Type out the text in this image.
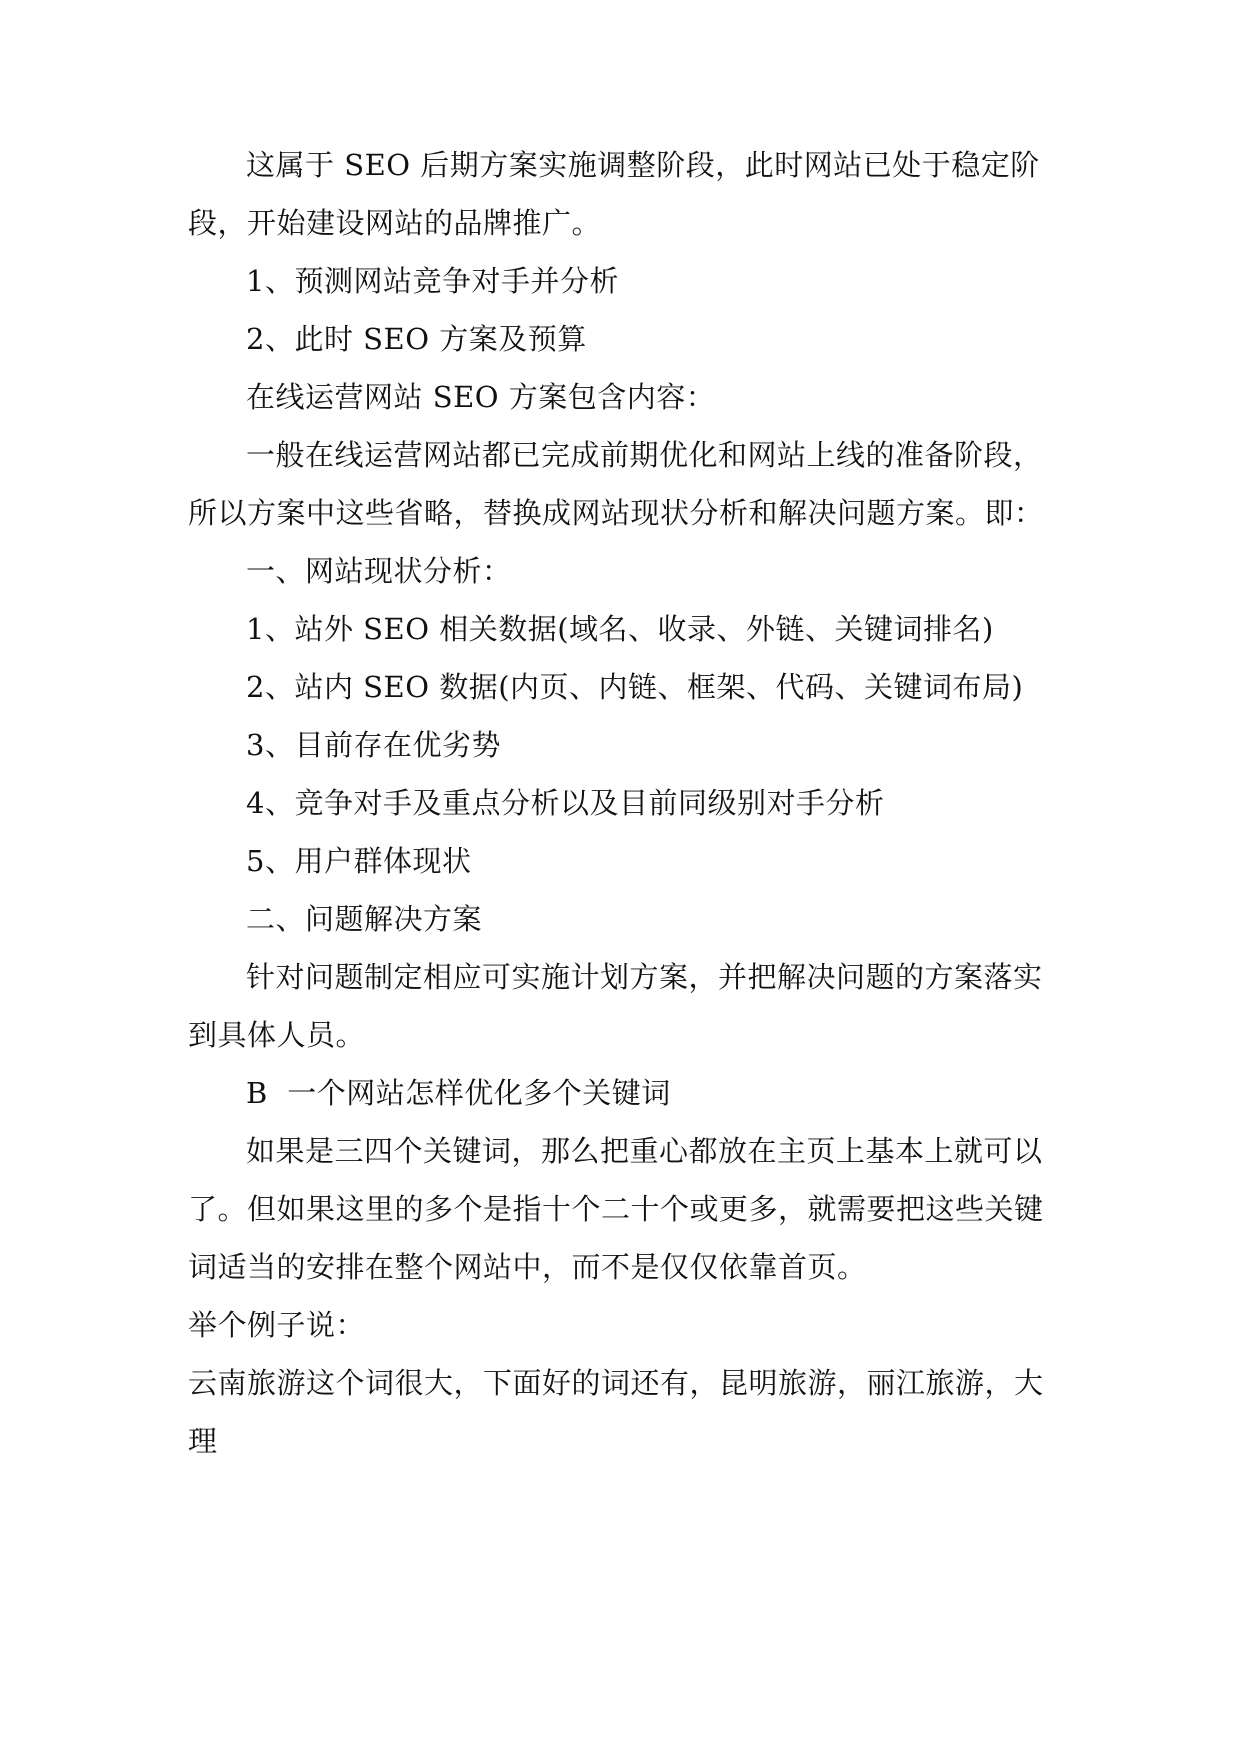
这属于 SEO 后期方案实施调整阶段，此时网站已处于稳定阶段，开始建设网站的品牌推广。

1、预测网站竞争对手并分析

2、此时 SEO 方案及预算

在线运营网站 SEO 方案包含内容：

一般在线运营网站都已完成前期优化和网站上线的准备阶段，所以方案中这些省略，替换成网站现状分析和解决问题方案。即：

一、网站现状分析：

1、站外 SEO 相关数据(域名、收录、外链、关键词排名)

2、站内 SEO 数据(内页、内链、框架、代码、关键词布局)

3、目前存在优劣势

4、竞争对手及重点分析以及目前同级别对手分析

5、用户群体现状

二、问题解决方案

针对问题制定相应可实施计划方案，并把解决问题的方案落实到具体人员。

B  一个网站怎样优化多个关键词

如果是三四个关键词，那么把重心都放在主页上基本上就可以了。但如果这里的多个是指十个二十个或更多，就需要把这些关键词适当的安排在整个网站中，而不是仅仅依靠首页。

举个例子说：

云南旅游这个词很大，下面好的词还有，昆明旅游，丽江旅游，大理
